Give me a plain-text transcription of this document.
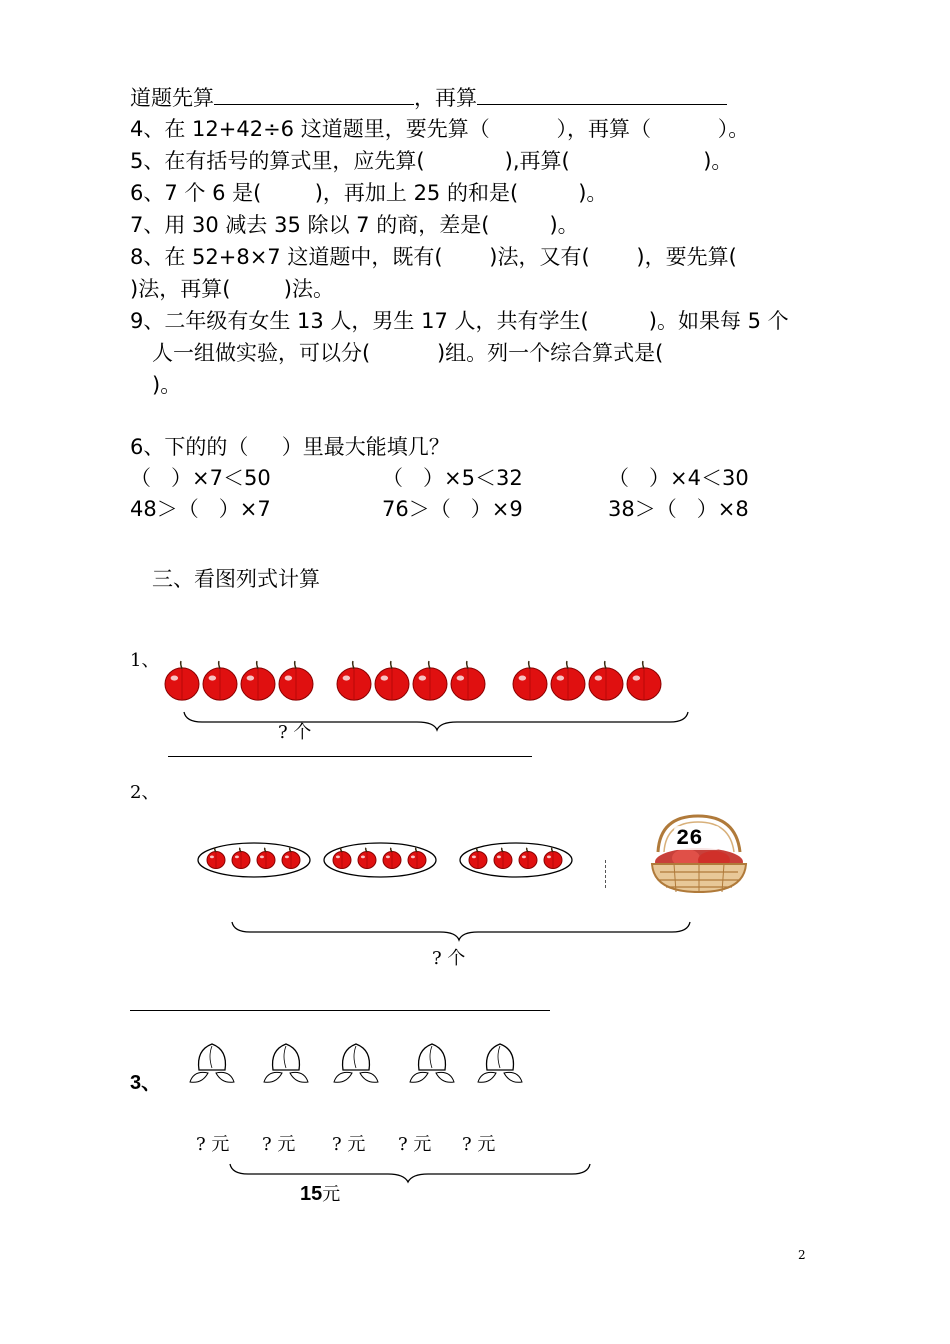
道题先算	，再算
4、在 12+42÷6 这道题里，要先算（          ），再算（          ）。
5、在有括号的算式里，应先算(            ),再算(                    )。
6、7 个 6 是(        )，再加上 25 的和是(         )。
7、用 30 减去 35 除以 7 的商，差是(         )。
8、在 52+8×7 这道题中，既有(       )法，又有(       )，要先算(
)法，再算(        )法。
9、二年级有女生 13 人，男生 17 人，共有学生(         )。如果每 5 个
人一组做实验，可以分(          )组。列一个综合算式是(
)。
6、下的的（     ）里最大能填几？
（   ）×7＜50	（   ）×5＜32	（   ）×4＜30
48＞（   ）×7	76＞（   ）×9	38＞（   ）×8
三、看图列式计算
1、
? 个
2、
26
? 个
3、
? 元 ? 元 ? 元 ? 元 ? 元
15元
2
